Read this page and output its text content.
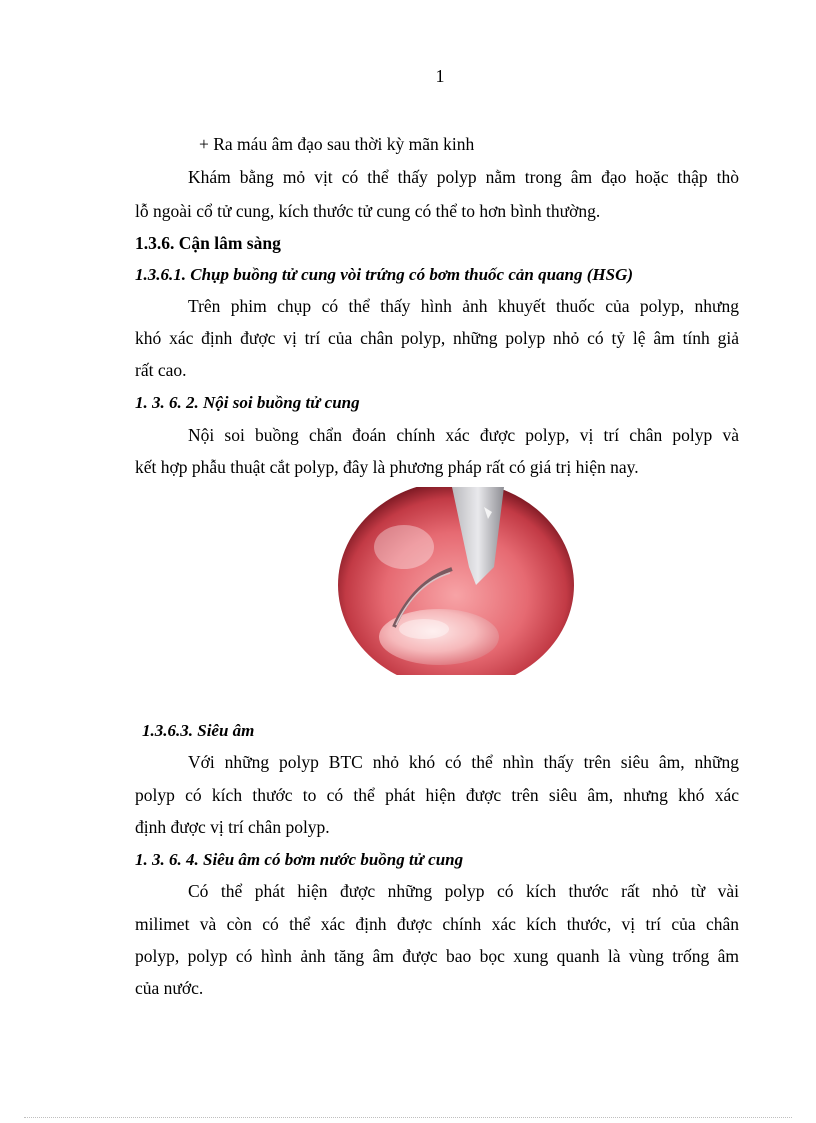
1
+ Ra máu âm đạo sau thời kỳ mãn kinh
Khám bằng mỏ vịt có thể thấy polyp nằm trong âm đạo hoặc thập thò
lỗ ngoài cổ tử cung, kích thước tử cung có thể to hơn bình thường.
1.3.6. Cận lâm sàng
1.3.6.1. Chụp buồng tử cung vòi trứng có bơm thuốc cản quang (HSG)
Trên phim chụp có thể thấy hình ảnh khuyết thuốc của polyp, nhưng
khó xác định được vị trí của chân polyp, những polyp nhỏ có tỷ lệ âm tính giả
rất cao.
1. 3. 6. 2. Nội soi buồng tử cung
Nội soi buồng chẩn đoán chính xác được polyp, vị trí chân polyp và
kết hợp phẫu thuật cắt polyp, đây là phương pháp rất có giá trị hiện nay.
1.3.6.3. Siêu âm
Với những polyp BTC nhỏ khó có thể nhìn thấy trên siêu âm, những
polyp có kích thước to có thể phát hiện được trên siêu âm, nhưng khó xác
định được vị trí chân polyp.
1. 3. 6. 4. Siêu âm có bơm nước buồng tử cung
Có thể phát hiện được những polyp có kích thước rất nhỏ từ vài
milimet và còn có thể xác định được chính xác kích thước, vị trí của chân
polyp, polyp có hình ảnh tăng âm được bao bọc xung quanh là vùng trống âm
của nước.
